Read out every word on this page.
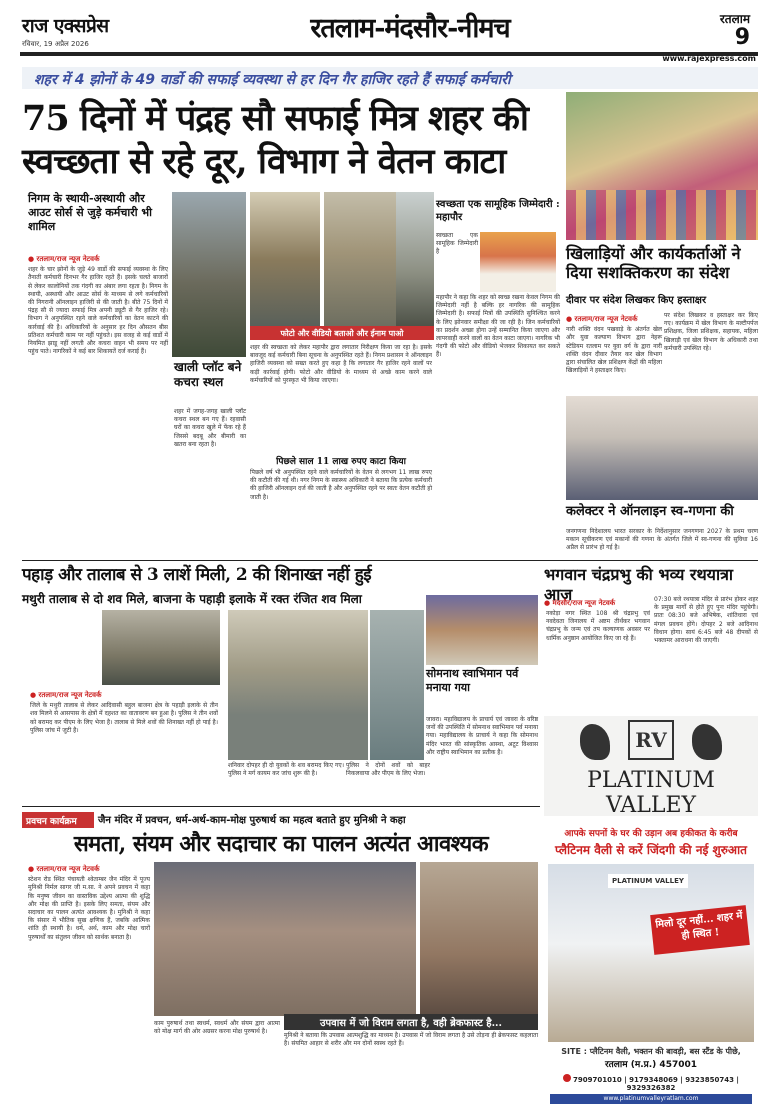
राज एक्सप्रेस
रविवार, 19 अप्रैल 2026	रतलाम-मंदसौर-नीमच	रतलाम
9
www.rajexpress.com
शहर में 4 झोनों के 49 वार्डो की सफाई व्यवस्था से हर दिन गैर हाजिर रहते हैं सफाई कर्मचारी
75 दिनों में पंद्रह सौ सफाई मित्र शहर की स्वच्छता से रहे दूर, विभाग ने वेतन काटा
खिलाड़ियों और कार्यकर्ताओं ने दिया सशक्तिकरण का संदेश
दीवार पर संदेश लिखकर किए हस्ताक्षर
निगम के स्थायी-अस्थायी और आउट सोर्स से जुड़े कर्मचारी भी शामिल
● रतलाम/राज न्यूज नेटवर्क
शहर के चार झोनों के जुड़े 49 वार्डो की सफाई व्यवस्था के लिए तैनाती कर्मचारी दिनभर गैर हाजिर रहते हैं। इसके चलते बाजारों से लेकर कालोनियों तक गंदगी का अंबार लगा रहता है। निगम के स्थायी, अस्थायी और आउट सोर्स के माध्यम से लगे कर्मचारियों की निगरानी ऑनलाइन हाजिरी से की जाती है। बीते 75 दिनों में पंद्रह सौ से ज्यादा सफाई मित्र अपनी ड्यूटी से गैर हाजिर रहे। विभाग ने अनुपस्थित रहने वाले कर्मचारियों का वेतन काटने की कार्रवाई की है। अधिकारियों के अनुसार हर दिन औसतन बीस प्रतिशत कर्मचारी काम पर नहीं पहुंचते। इस वजह से कई वार्डो में नियमित झाडू नहीं लगती और कचरा वाहन भी समय पर नहीं पहुंच पाते। नागरिकों ने कई बार शिकायतें दर्ज कराई हैं।
फोटो और वीडियो बताओ और ईनाम पाओ
खाली प्लॉट बने कचरा स्थल
शहर में जगह-जगह खाली प्लॉट कचरा स्थल बन गए हैं। रहवासी घरों का कचरा खुले में फेंक रहे हैं जिससे बदबू और बीमारी का खतरा बना रहता है।
शहर की स्वच्छता को लेकर महापौर द्वारा लगातार निरीक्षण किया जा रहा है। इसके बावजूद कई कर्मचारी बिना सूचना के अनुपस्थित रहते हैं। निगम प्रशासन ने ऑनलाइन हाजिरी व्यवस्था को सख्त करते हुए कहा है कि लगातार गैर हाजिर रहने वालों पर कड़ी कार्रवाई होगी। फोटो और वीडियो के माध्यम से अच्छे काम करने वाले कर्मचारियों को पुरस्कृत भी किया जाएगा।
स्वच्छता एक सामूहिक जिम्मेदारी : महापौर
स्वच्छता एक सामूहिक जिम्मेदारी है
महापौर ने कहा कि शहर को स्वच्छ रखना केवल निगम की जिम्मेदारी नहीं है बल्कि हर नागरिक की सामूहिक जिम्मेदारी है। सफाई मित्रों की उपस्थिति सुनिश्चित करने के लिए झोनवार समीक्षा की जा रही है। जिन कर्मचारियों का प्रदर्शन अच्छा होगा उन्हें सम्मानित किया जाएगा और लापरवाही करने वालों का वेतन काटा जाएगा। नागरिक भी गंदगी की फोटो और वीडियो भेजकर शिकायत कर सकते हैं।
पिछले साल 11 लाख रुपए काटा किया
पिछले वर्ष भी अनुपस्थित रहने वाले कर्मचारियों के वेतन से लगभग 11 लाख रुपए की कटौती की गई थी। नगर निगम के स्वास्थ्य अधिकारी ने बताया कि प्रत्येक कर्मचारी की हाजिरी ऑनलाइन दर्ज की जाती है और अनुपस्थित रहने पर स्वतः वेतन कटौती हो जाती है।
● रतलाम/राज न्यूज नेटवर्क
नारी शक्ति वंदन पखवाड़े के अंतर्गत खेल और युवा कल्याण विभाग द्वारा नेहरू स्टेडियम रतलाम पर युवा वर्ग के द्वारा नारी शक्ति वंदन दीवार तैयार कर खेल विभाग द्वारा संचालित खेल प्रशिक्षण केंद्रों की महिला खिलाड़ियों ने हस्ताक्षर किए।
पर संदेश लिखकर व हस्ताक्षर कर किए गए। कार्यक्रम में खेल विभाग के मल्टीपर्पज प्रशिक्षक, जिला प्रशिक्षक, सहायक, महिला खिलाड़ी एवं खेल विभाग के अधिकारी तथा कर्मचारी उपस्थित रहे।
कलेक्टर ने ऑनलाइन स्व-गणना की
जनगणना निदेशालय भारत सरकार के निर्देशानुसार जनगणना 2027 के प्रथम चरण मकान सूचीकरण एवं मकानों की गणना के अंतर्गत जिले में स्व-गणना की सुविधा 16 अप्रैल से प्रारंभ हो गई है।
पहाड़ और तालाब से 3 लाशें मिली, 2 की शिनाख्त नहीं हुई
मथुरी तालाब से दो शव मिले, बाजना के पहाड़ी इलाके में रक्त रंजित शव मिला
● रतलाम/राज न्यूज नेटवर्क
जिले के मथुरी तालाब से लेकर आदिवासी बहुल बाजना क्षेत्र के पहाड़ी इलाके से तीन शव मिलने से आसपास के क्षेत्रों में दहशत का वातावरण बन हुआ है। पुलिस ने तीन शवों को बरामद कर पीएम के लिए भेजा है। तालाब से मिले शवों की शिनाख्त नहीं हो पाई है। पुलिस जांच में जुटी है।
शनिवार दोपहर ही दो युवकों के शव बरामद किए गए। पुलिस ने मर्ग कायम कर जांच शुरू की है।
पुलिस ने दोनों शवों को बाहर निकलवाया और पीएम के लिए भेजा।
सोमनाथ स्वाभिमान पर्व मनाया गया
जावरा। महाविद्यालय के प्राचार्य एवं जावरा के वरिष्ठ जनों की उपस्थिति में सोमनाथ स्वाभिमान पर्व मनाया गया। महाविद्यालय के प्राचार्य ने कहा कि सोमनाथ मंदिर भारत की सांस्कृतिक आस्था, अटूट विश्वास और राष्ट्रीय स्वाभिमान का प्रतीक है।
भगवान चंद्रप्रभु की भव्य रथयात्रा आज
● मंदसौर/राज न्यूज नेटवर्क
नकोड़ा नगर स्थित 108 श्री चंद्रप्रभु एवं नवदेवता जिनालय में अष्टम तीर्थंकर भगवान चंद्रप्रभु के जन्म एवं तप कल्याणक अवसर पर धार्मिक अनुष्ठान आयोजित किए जा रहे हैं।
07:30 बजे रथयात्रा मंदिर से प्रारंभ होकर शहर के प्रमुख मार्गों से होते हुए पुनः मंदिर पहुंचेगी। प्रातः 08:30 बजे अभिषेक, शांतिधारा एवं मंगल प्रवचन होंगे। दोपहर 2 बजे आदिनाथ विधान होगा। सायं 6:45 बजे 48 दीपकों से भक्तामर आराधना की जाएगी।
RV
PLATINUM VALLEY
प्रवचन कार्यक्रम	जैन मंदिर में प्रवचन, धर्म-अर्थ-काम-मोक्ष पुरुषार्थ का महत्व बताते हुए मुनिश्री ने कहा
समता, संयम और सदाचार का पालन अत्यंत आवश्यक
● रतलाम/राज न्यूज नेटवर्क
स्टेशन रोड स्थित पंचायती श्वेताम्बर जैन मंदिर में पूज्य मुनिश्री निर्मल सागर जी म.सा. ने अपने प्रवचन में कहा कि मनुष्य जीवन का वास्तविक उद्देश्य आत्मा की शुद्धि और मोक्ष की प्राप्ति है। इसके लिए समता, संयम और सदाचार का पालन अत्यंत आवश्यक है। मुनिश्री ने कहा कि संसार में भौतिक सुख क्षणिक हैं, जबकि आत्मिक शांति ही स्थायी है। धर्म, अर्थ, काम और मोक्ष चारों पुरुषार्थों का संतुलन जीवन को सार्थक बनाता है।
काम पुरुषार्थ तथा स्वधर्म, स्वधर्म और संयम द्वारा आत्मा को मोक्ष मार्ग की ओर अग्रसर करना मोक्ष पुरुषार्थ है।
उपवास में जो विराम लगता है, वही ब्रेकफास्ट है...
मुनिश्री ने बताया कि उपवास आत्मशुद्धि का माध्यम है। उपवास में जो विराम लगता है उसे तोड़ना ही ब्रेकफास्ट कहलाता है। संयमित आहार से शरीर और मन दोनों स्वस्थ रहते हैं।
आपके सपनों के घर की उड़ान अब हकीकत के करीब
प्लैटिनम वैली से करें जिंदगी की नई शुरुआत
PLATINUM VALLEY
मिलो दूर नहीं... शहर में ही स्थित !
SITE : प्लैटिनम वैली, भक्तन की बावड़ी, बस स्टैंड के पीछे,
रतलाम (म.प्र.) 457001
7909701010 | 9179348069 | 9323850743 | 9329326382
www.platinumvalleyratlam.com
